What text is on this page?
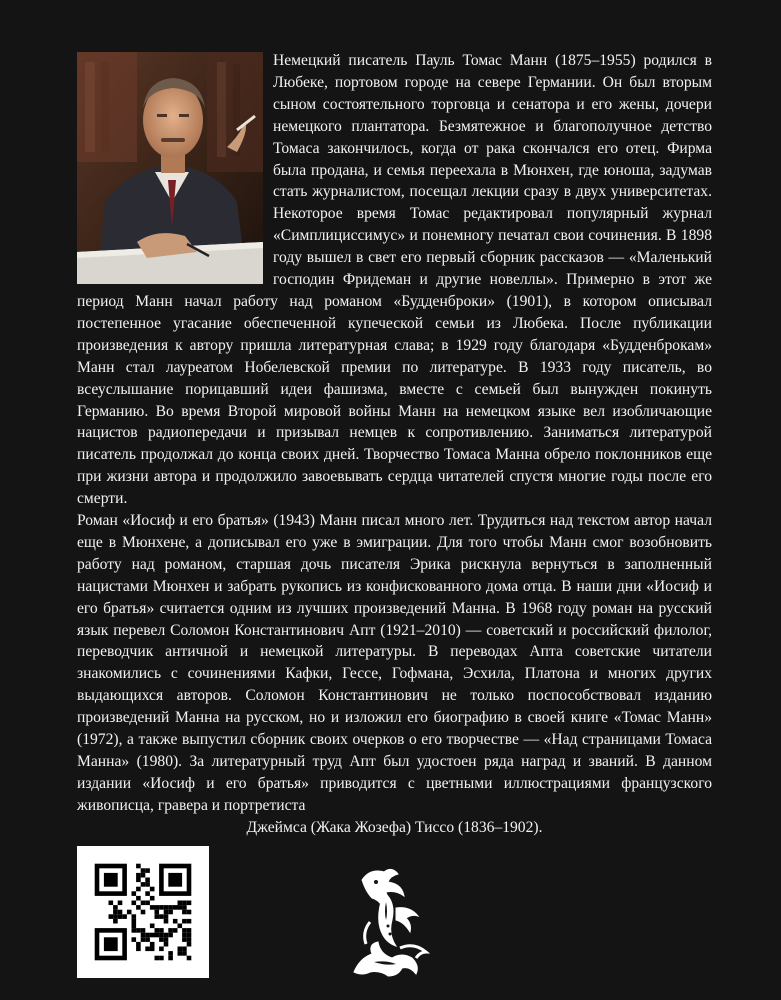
Немецкий писатель Пауль Томас Манн (1875–1955) родился в Любеке, портовом городе на севере Германии. Он был вторым сыном состоятельного торговца и сенатора и его жены, дочери немецкого плантатора. Безмятежное и благополучное детство Томаса закончилось, когда от рака скончался его отец. Фирма была продана, и семья переехала в Мюнхен, где юноша, задумав стать журналистом, посещал лекции сразу в двух университетах. Некоторое время Томас редактировал популярный журнал «Симплициссимус» и понемногу печатал свои сочинения. В 1898 году вышел в свет его первый сборник рассказов — «Маленький господин Фридеман и другие новеллы». Примерно в этот же период Манн начал работу над романом «Будденброки» (1901), в котором описывал постепенное угасание обеспеченной купеческой семьи из Любека. После публикации произведения к автору пришла литературная слава; в 1929 году благодаря «Будденброкам» Манн стал лауреатом Нобелевской премии по литературе. В 1933 году писатель, во всеуслышание порицавший идеи фашизма, вместе с семьей был вынужден покинуть Германию. Во время Второй мировой войны Манн на немецком языке вел изобличающие нацистов радиопередачи и призывал немцев к сопротивлению. Заниматься литературой писатель продолжал до конца своих дней. Творчество Томаса Манна обрело поклонников еще при жизни автора и продолжило завоевывать сердца читателей спустя многие годы после его смерти.

Роман «Иосиф и его братья» (1943) Манн писал много лет. Трудиться над текстом автор начал еще в Мюнхене, а дописывал его уже в эмиграции. Для того чтобы Манн смог возобновить работу над романом, старшая дочь писателя Эрика рискнула вернуться в заполненный нацистами Мюнхен и забрать рукопись из конфискованного дома отца. В наши дни «Иосиф и его братья» считается одним из лучших произведений Манна. В 1968 году роман на русский язык перевел Соломон Константинович Апт (1921–2010) — советский и российский филолог, переводчик античной и немецкой литературы. В переводах Апта советские читатели знакомились с сочинениями Кафки, Гессе, Гофмана, Эсхила, Платона и многих других выдающихся авторов. Соломон Константинович не только поспособствовал изданию произведений Манна на русском, но и изложил его биографию в своей книге «Томас Манн» (1972), а также выпустил сборник своих очерков о его творчестве — «Над страницами Томаса Манна» (1980). За литературный труд Апт был удостоен ряда наград и званий. В данном издании «Иосиф и его братья» приводится с цветными иллюстрациями французского живописца, гравера и портретиста

Джеймса (Жака Жозефа) Тиссо (1836–1902).
